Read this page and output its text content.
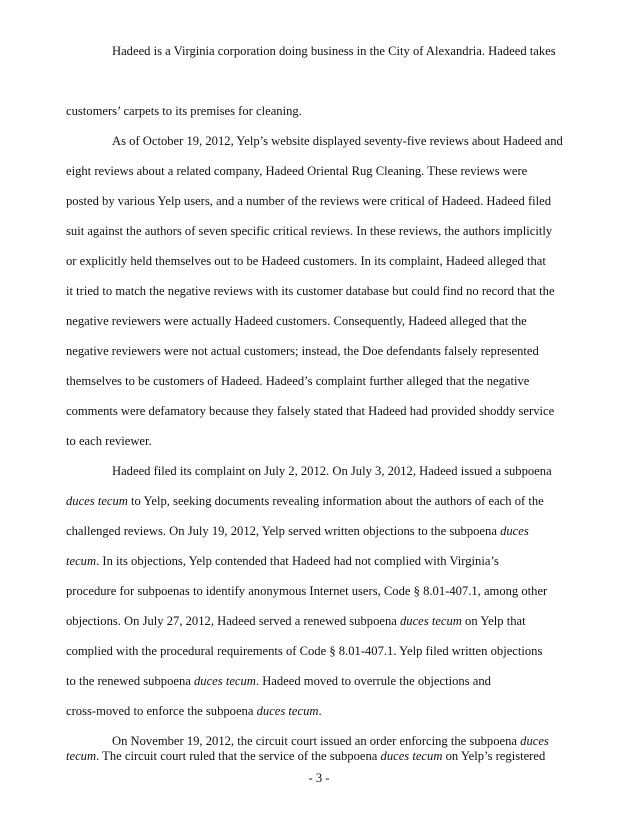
Hadeed is a Virginia corporation doing business in the City of Alexandria. Hadeed takes
customers’ carpets to its premises for cleaning.
As of October 19, 2012, Yelp’s website displayed seventy-five reviews about Hadeed and
eight reviews about a related company, Hadeed Oriental Rug Cleaning. These reviews were
posted by various Yelp users, and a number of the reviews were critical of Hadeed. Hadeed filed
suit against the authors of seven specific critical reviews. In these reviews, the authors implicitly
or explicitly held themselves out to be Hadeed customers. In its complaint, Hadeed alleged that
it tried to match the negative reviews with its customer database but could find no record that the
negative reviewers were actually Hadeed customers. Consequently, Hadeed alleged that the
negative reviewers were not actual customers; instead, the Doe defendants falsely represented
themselves to be customers of Hadeed. Hadeed’s complaint further alleged that the negative
comments were defamatory because they falsely stated that Hadeed had provided shoddy service
to each reviewer.
Hadeed filed its complaint on July 2, 2012. On July 3, 2012, Hadeed issued a subpoena
duces tecum to Yelp, seeking documents revealing information about the authors of each of the
challenged reviews. On July 19, 2012, Yelp served written objections to the subpoena duces
tecum. In its objections, Yelp contended that Hadeed had not complied with Virginia’s
procedure for subpoenas to identify anonymous Internet users, Code § 8.01-407.1, among other
objections. On July 27, 2012, Hadeed served a renewed subpoena duces tecum on Yelp that
complied with the procedural requirements of Code § 8.01-407.1. Yelp filed written objections
to the renewed subpoena duces tecum. Hadeed moved to overrule the objections and
cross-moved to enforce the subpoena duces tecum.
On November 19, 2012, the circuit court issued an order enforcing the subpoena duces
tecum. The circuit court ruled that the service of the subpoena duces tecum on Yelp’s registered
- 3 -
